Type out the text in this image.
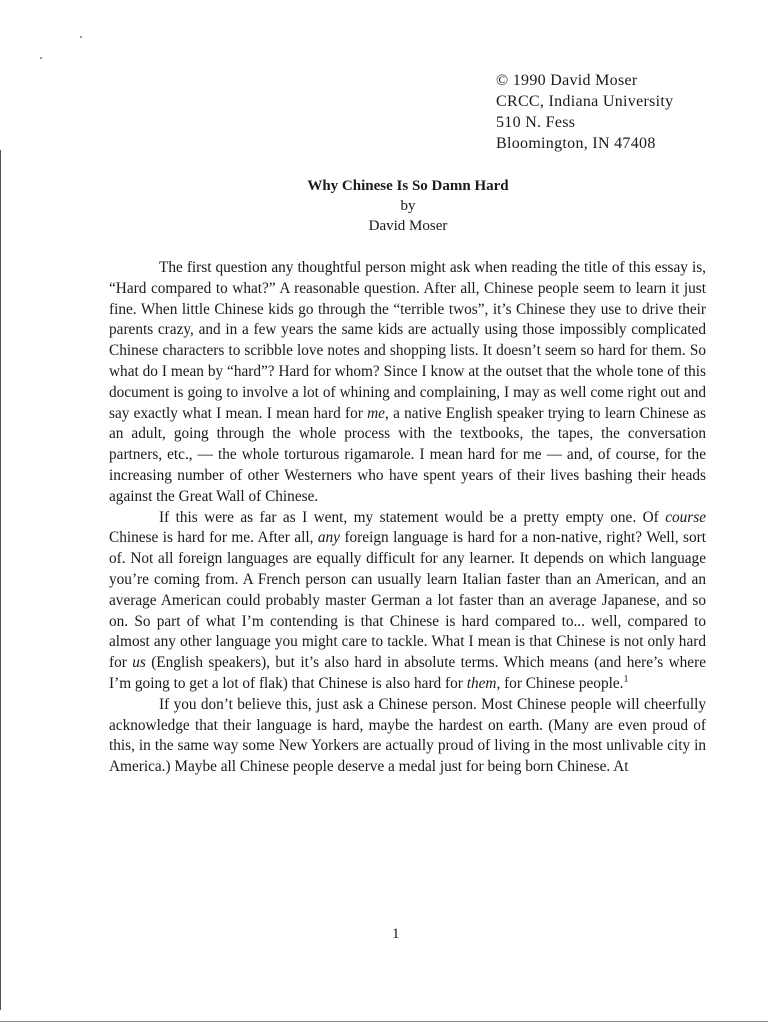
© 1990 David Moser
CRCC, Indiana University
510 N. Fess
Bloomington, IN 47408
Why Chinese Is So Damn Hard
by
David Moser

The first question any thoughtful person might ask when reading the title of this essay is, “Hard compared to what?” A reasonable question. After all, Chinese people seem to learn it just fine. When little Chinese kids go through the “terrible twos”, it’s Chinese they use to drive their parents crazy, and in a few years the same kids are actually using those impossibly complicated Chinese characters to scribble love notes and shopping lists. It doesn’t seem so hard for them. So what do I mean by “hard”? Hard for whom? Since I know at the outset that the whole tone of this document is going to involve a lot of whining and complaining, I may as well come right out and say exactly what I mean. I mean hard for me, a native English speaker trying to learn Chinese as an adult, going through the whole process with the textbooks, the tapes, the conversation partners, etc., — the whole torturous rigamarole. I mean hard for me — and, of course, for the increasing number of other Westerners who have spent years of their lives bashing their heads against the Great Wall of Chinese.

If this were as far as I went, my statement would be a pretty empty one. Of course Chinese is hard for me. After all, any foreign language is hard for a non-native, right? Well, sort of. Not all foreign languages are equally difficult for any learner. It depends on which language you’re coming from. A French person can usually learn Italian faster than an American, and an average American could probably master German a lot faster than an average Japanese, and so on. So part of what I’m contending is that Chinese is hard compared to... well, compared to almost any other language you might care to tackle. What I mean is that Chinese is not only hard for us (English speakers), but it’s also hard in absolute terms. Which means (and here’s where I’m going to get a lot of flak) that Chinese is also hard for them, for Chinese people.$^1$

If you don’t believe this, just ask a Chinese person. Most Chinese people will cheerfully acknowledge that their language is hard, maybe the hardest on earth. (Many are even proud of this, in the same way some New Yorkers are actually proud of living in the most unlivable city in America.) Maybe all Chinese people deserve a medal just for being born Chinese. At

1
